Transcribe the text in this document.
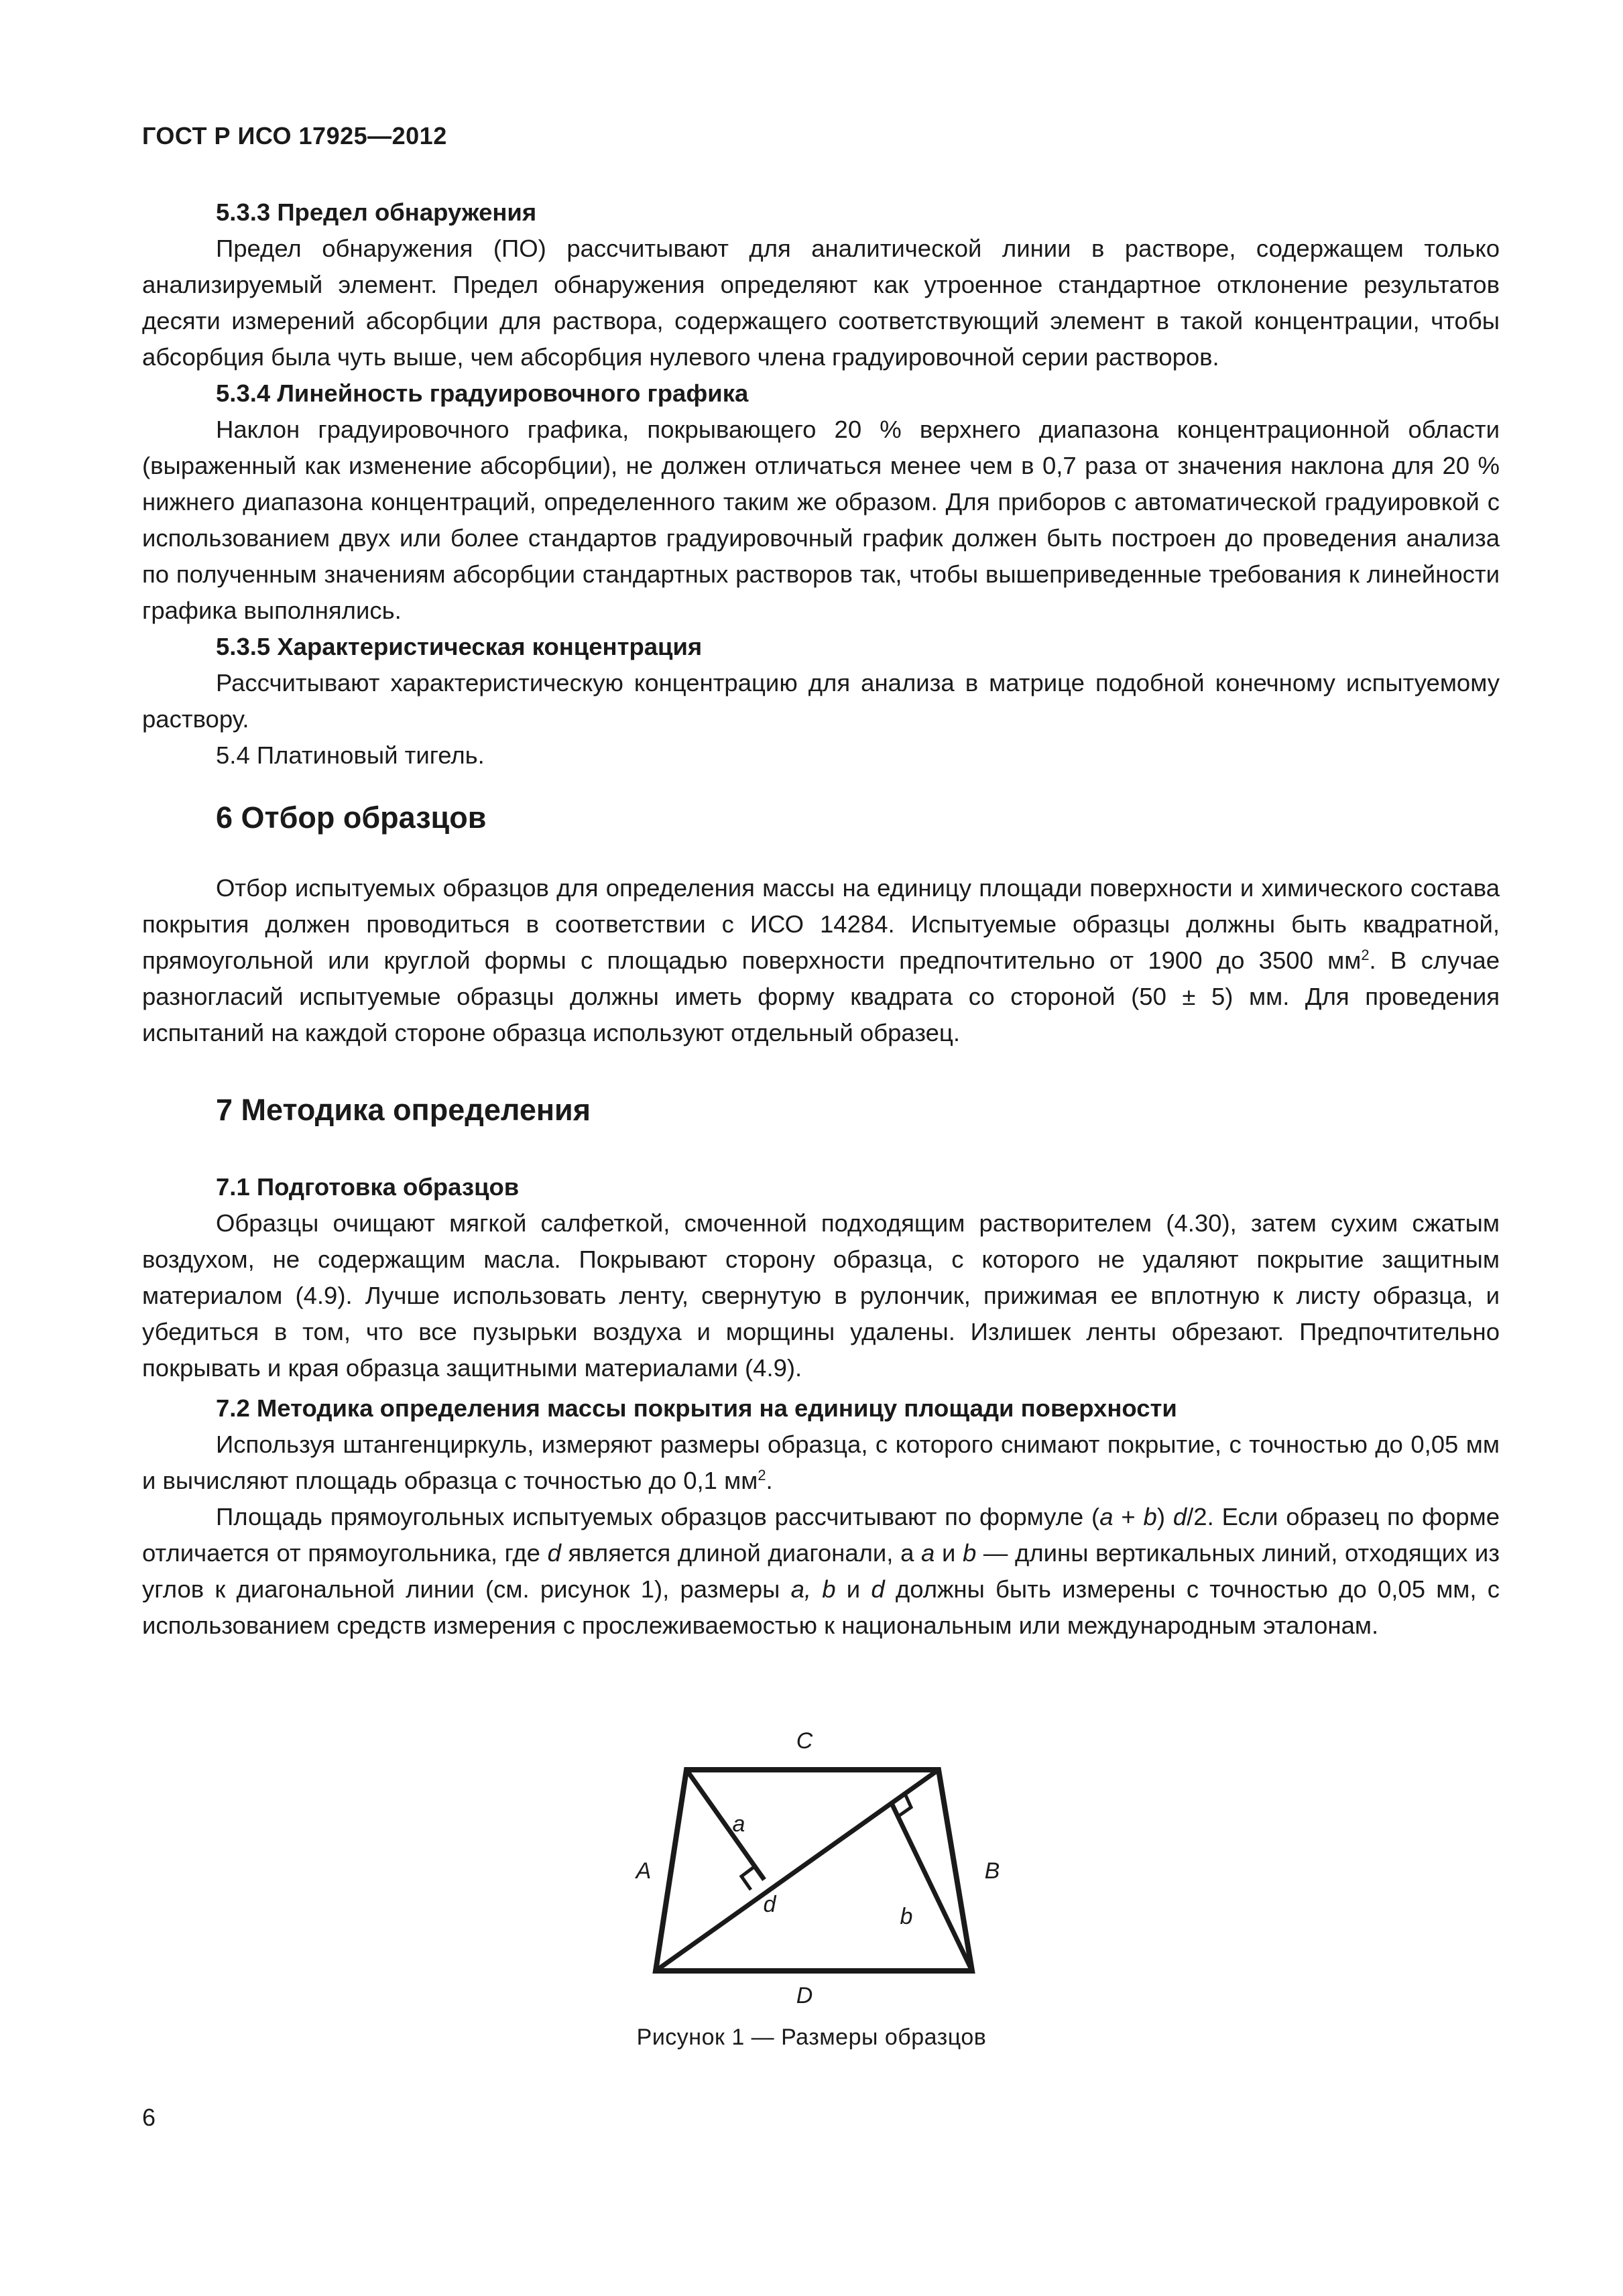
ГОСТ Р ИСО 17925—2012

5.3.3 Предел обнаружения

Предел обнаружения (ПО) рассчитывают для аналитической линии в растворе, содержащем только анализируемый элемент. Предел обнаружения определяют как утроенное стандартное отклонение результатов десяти измерений абсорбции для раствора, содержащего соответствующий элемент в такой концентрации, чтобы абсорбция была чуть выше, чем абсорбция нулевого члена градуировочной серии растворов.

5.3.4 Линейность градуировочного графика

Наклон градуировочного графика, покрывающего 20 % верхнего диапазона концентрационной области (выраженный как изменение абсорбции), не должен отличаться менее чем в 0,7 раза от значения наклона для 20 % нижнего диапазона концентраций, определенного таким же образом. Для приборов с автоматической градуировкой с использованием двух или более стандартов градуировочный график должен быть построен до проведения анализа по полученным значениям абсорбции стандартных растворов так, чтобы вышеприведенные требования к линейности графика выполнялись.

5.3.5 Характеристическая концентрация

Рассчитывают характеристическую концентрацию для анализа в матрице подобной конечному испытуемому раствору.

5.4 Платиновый тигель.

6 Отбор образцов

Отбор испытуемых образцов для определения массы на единицу площади поверхности и химического состава покрытия должен проводиться в соответствии с ИСО 14284. Испытуемые образцы должны быть квадратной, прямоугольной или круглой формы с площадью поверхности предпочтительно от 1900 до 3500 $мм^2$. В случае разногласий испытуемые образцы должны иметь форму квадрата со стороной (50 ± 5) мм. Для проведения испытаний на каждой стороне образца используют отдельный образец.

7 Методика определения

7.1 Подготовка образцов

Образцы очищают мягкой салфеткой, смоченной подходящим растворителем (4.30), затем сухим сжатым воздухом, не содержащим масла. Покрывают сторону образца, с которого не удаляют покрытие защитным материалом (4.9). Лучше использовать ленту, свернутую в рулончик, прижимая ее вплотную к листу образца, и убедиться в том, что все пузырьки воздуха и морщины удалены. Излишек ленты обрезают. Предпочтительно покрывать и края образца защитными материалами (4.9).

7.2 Методика определения массы покрытия на единицу площади поверхности

Используя штангенциркуль, измеряют размеры образца, с которого снимают покрытие, с точностью до 0,05 мм и вычисляют площадь образца с точностью до 0,1 $мм^2$.

Площадь прямоугольных испытуемых образцов рассчитывают по формуле (a + b) d/2. Если образец по форме отличается от прямоугольника, где d является длиной диагонали, а a и b — длины вертикальных линий, отходящих из углов к диагональной линии (см. рисунок 1), размеры a, b и d должны быть измерены с точностью до 0,05 мм, с использованием средств измерения с прослеживаемостью к национальным или международным эталонам.

C
A	B
D
a
d	b
Рисунок 1 — Размеры образцов
6
